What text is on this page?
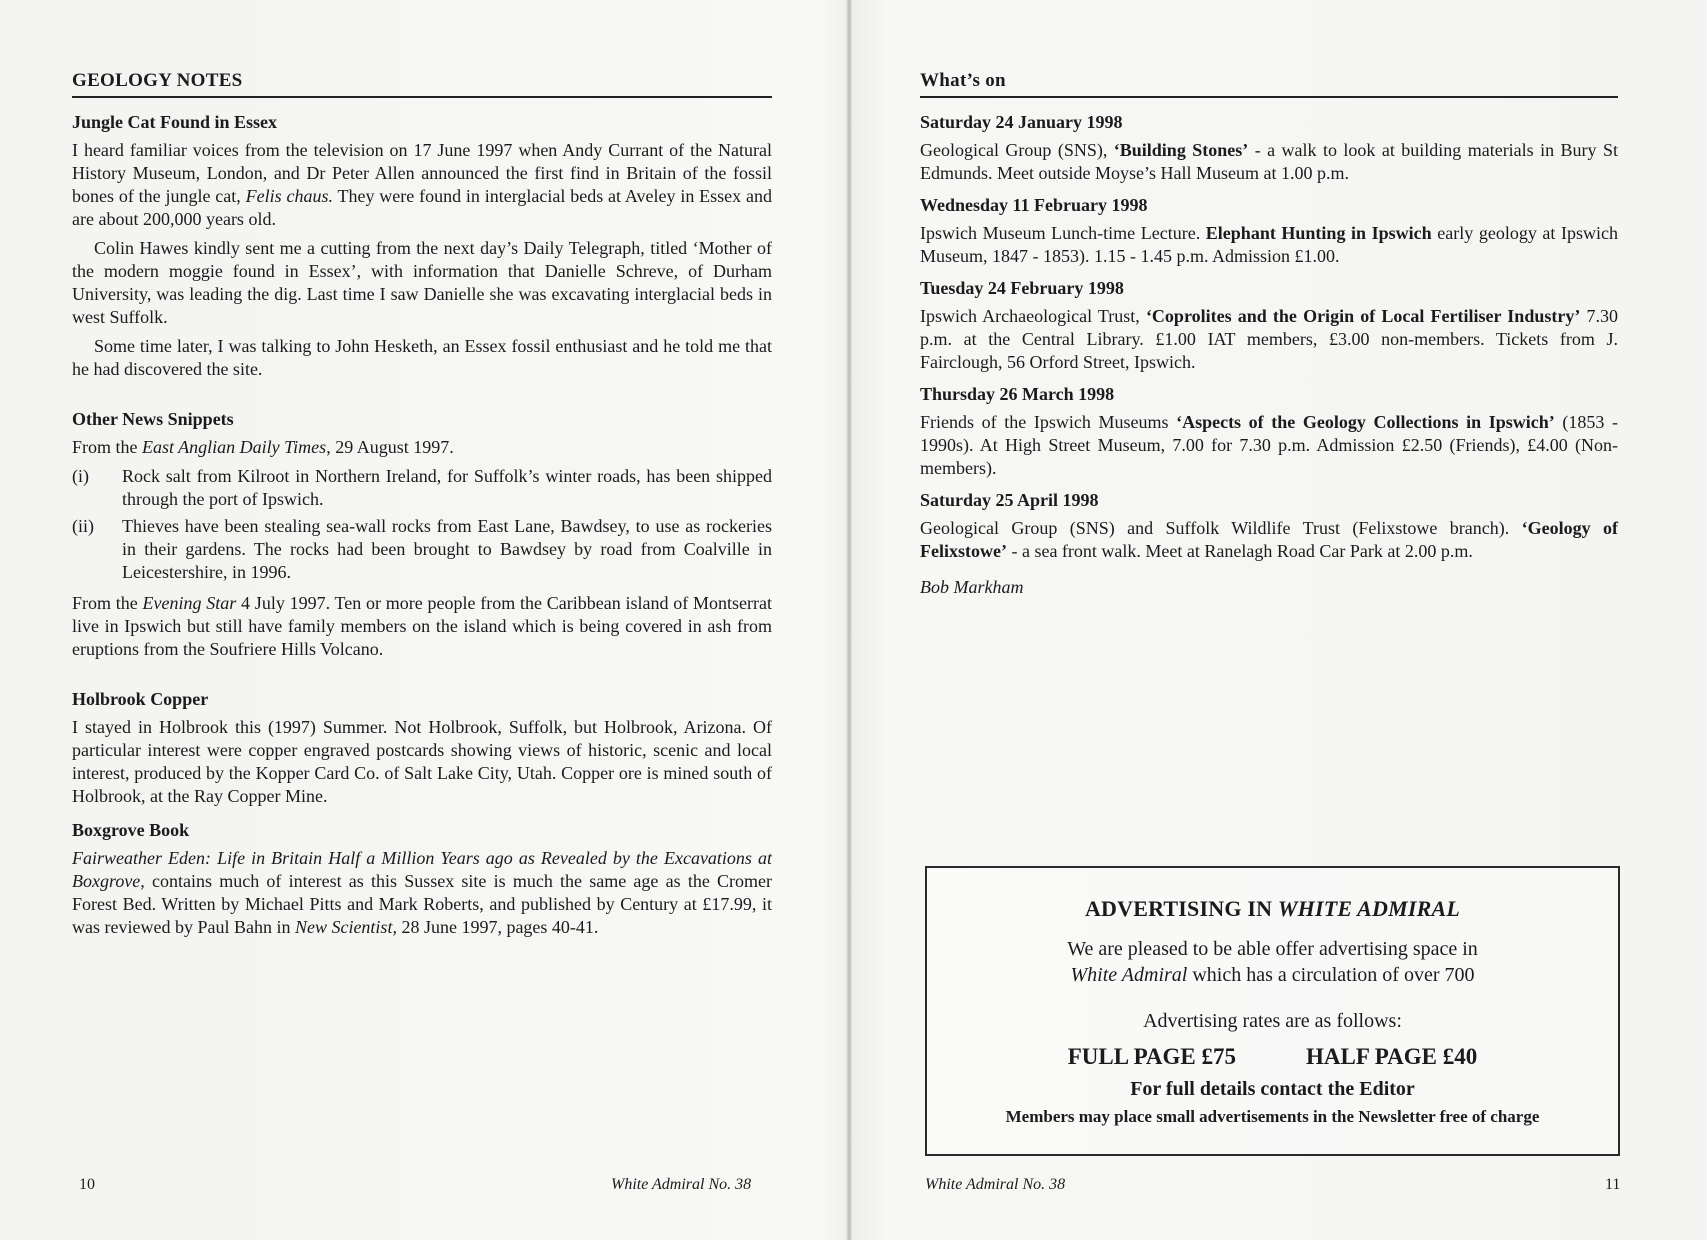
GEOLOGY NOTES
Jungle Cat Found in Essex

I heard familiar voices from the television on 17 June 1997 when Andy Currant of the Natural History Museum, London, and Dr Peter Allen announced the first find in Britain of the fossil bones of the jungle cat, Felis chaus. They were found in interglacial beds at Aveley in Essex and are about 200,000 years old.

Colin Hawes kindly sent me a cutting from the next day’s Daily Telegraph, titled ‘Mother of the modern moggie found in Essex’, with information that Danielle Schreve, of Durham University, was leading the dig. Last time I saw Danielle she was excavating interglacial beds in west Suffolk.

Some time later, I was talking to John Hesketh, an Essex fossil enthusiast and he told me that he had discovered the site.

Other News Snippets

From the East Anglian Daily Times, 29 August 1997.

(i)	Rock salt from Kilroot in Northern Ireland, for Suffolk’s winter roads, has been shipped through the port of Ipswich.
(ii)	Thieves have been stealing sea-wall rocks from East Lane, Bawdsey, to use as rockeries in their gardens. The rocks had been brought to Bawdsey by road from Coalville in Leicestershire, in 1996.

From the Evening Star 4 July 1997. Ten or more people from the Caribbean island of Montserrat live in Ipswich but still have family members on the island which is being covered in ash from eruptions from the Soufriere Hills Volcano.

Holbrook Copper

I stayed in Holbrook this (1997) Summer. Not Holbrook, Suffolk, but Holbrook, Arizona. Of particular interest were copper engraved postcards showing views of historic, scenic and local interest, produced by the Kopper Card Co. of Salt Lake City, Utah. Copper ore is mined south of Holbrook, at the Ray Copper Mine.

Boxgrove Book

Fairweather Eden: Life in Britain Half a Million Years ago as Revealed by the Excavations at Boxgrove, contains much of interest as this Sussex site is much the same age as the Cromer Forest Bed. Written by Michael Pitts and Mark Roberts, and published by Century at £17.99, it was reviewed by Paul Bahn in New Scientist, 28 June 1997, pages 40-41.

What’s on
Saturday 24 January 1998
Geological Group (SNS), ‘Building Stones’ - a walk to look at building materials in Bury St Edmunds. Meet outside Moyse’s Hall Museum at 1.00 p.m.
Wednesday 11 February 1998
Ipswich Museum Lunch-time Lecture. Elephant Hunting in Ipswich early geology at Ipswich Museum, 1847 - 1853). 1.15 - 1.45 p.m. Admission £1.00.
Tuesday 24 February 1998
Ipswich Archaeological Trust, ‘Coprolites and the Origin of Local Fertiliser Industry’ 7.30 p.m. at the Central Library. £1.00 IAT members, £3.00 non-members. Tickets from J. Fairclough, 56 Orford Street, Ipswich.
Thursday 26 March 1998
Friends of the Ipswich Museums ‘Aspects of the Geology Collections in Ipswich’ (1853 - 1990s). At High Street Museum, 7.00 for 7.30 p.m. Admission £2.50 (Friends), £4.00 (Non-members).
Saturday 25 April 1998
Geological Group (SNS) and Suffolk Wildlife Trust (Felixstowe branch). ‘Geology of Felixstowe’ - a sea front walk. Meet at Ranelagh Road Car Park at 2.00 p.m.
Bob Markham
ADVERTISING IN WHITE ADMIRAL
We are pleased to be able offer advertising space in
White Admiral which has a circulation of over 700
Advertising rates are as follows:
FULL PAGE £75	HALF PAGE £40
For full details contact the Editor
Members may place small advertisements in the Newsletter free of charge
10	White Admiral No. 38	White Admiral No. 38	11
